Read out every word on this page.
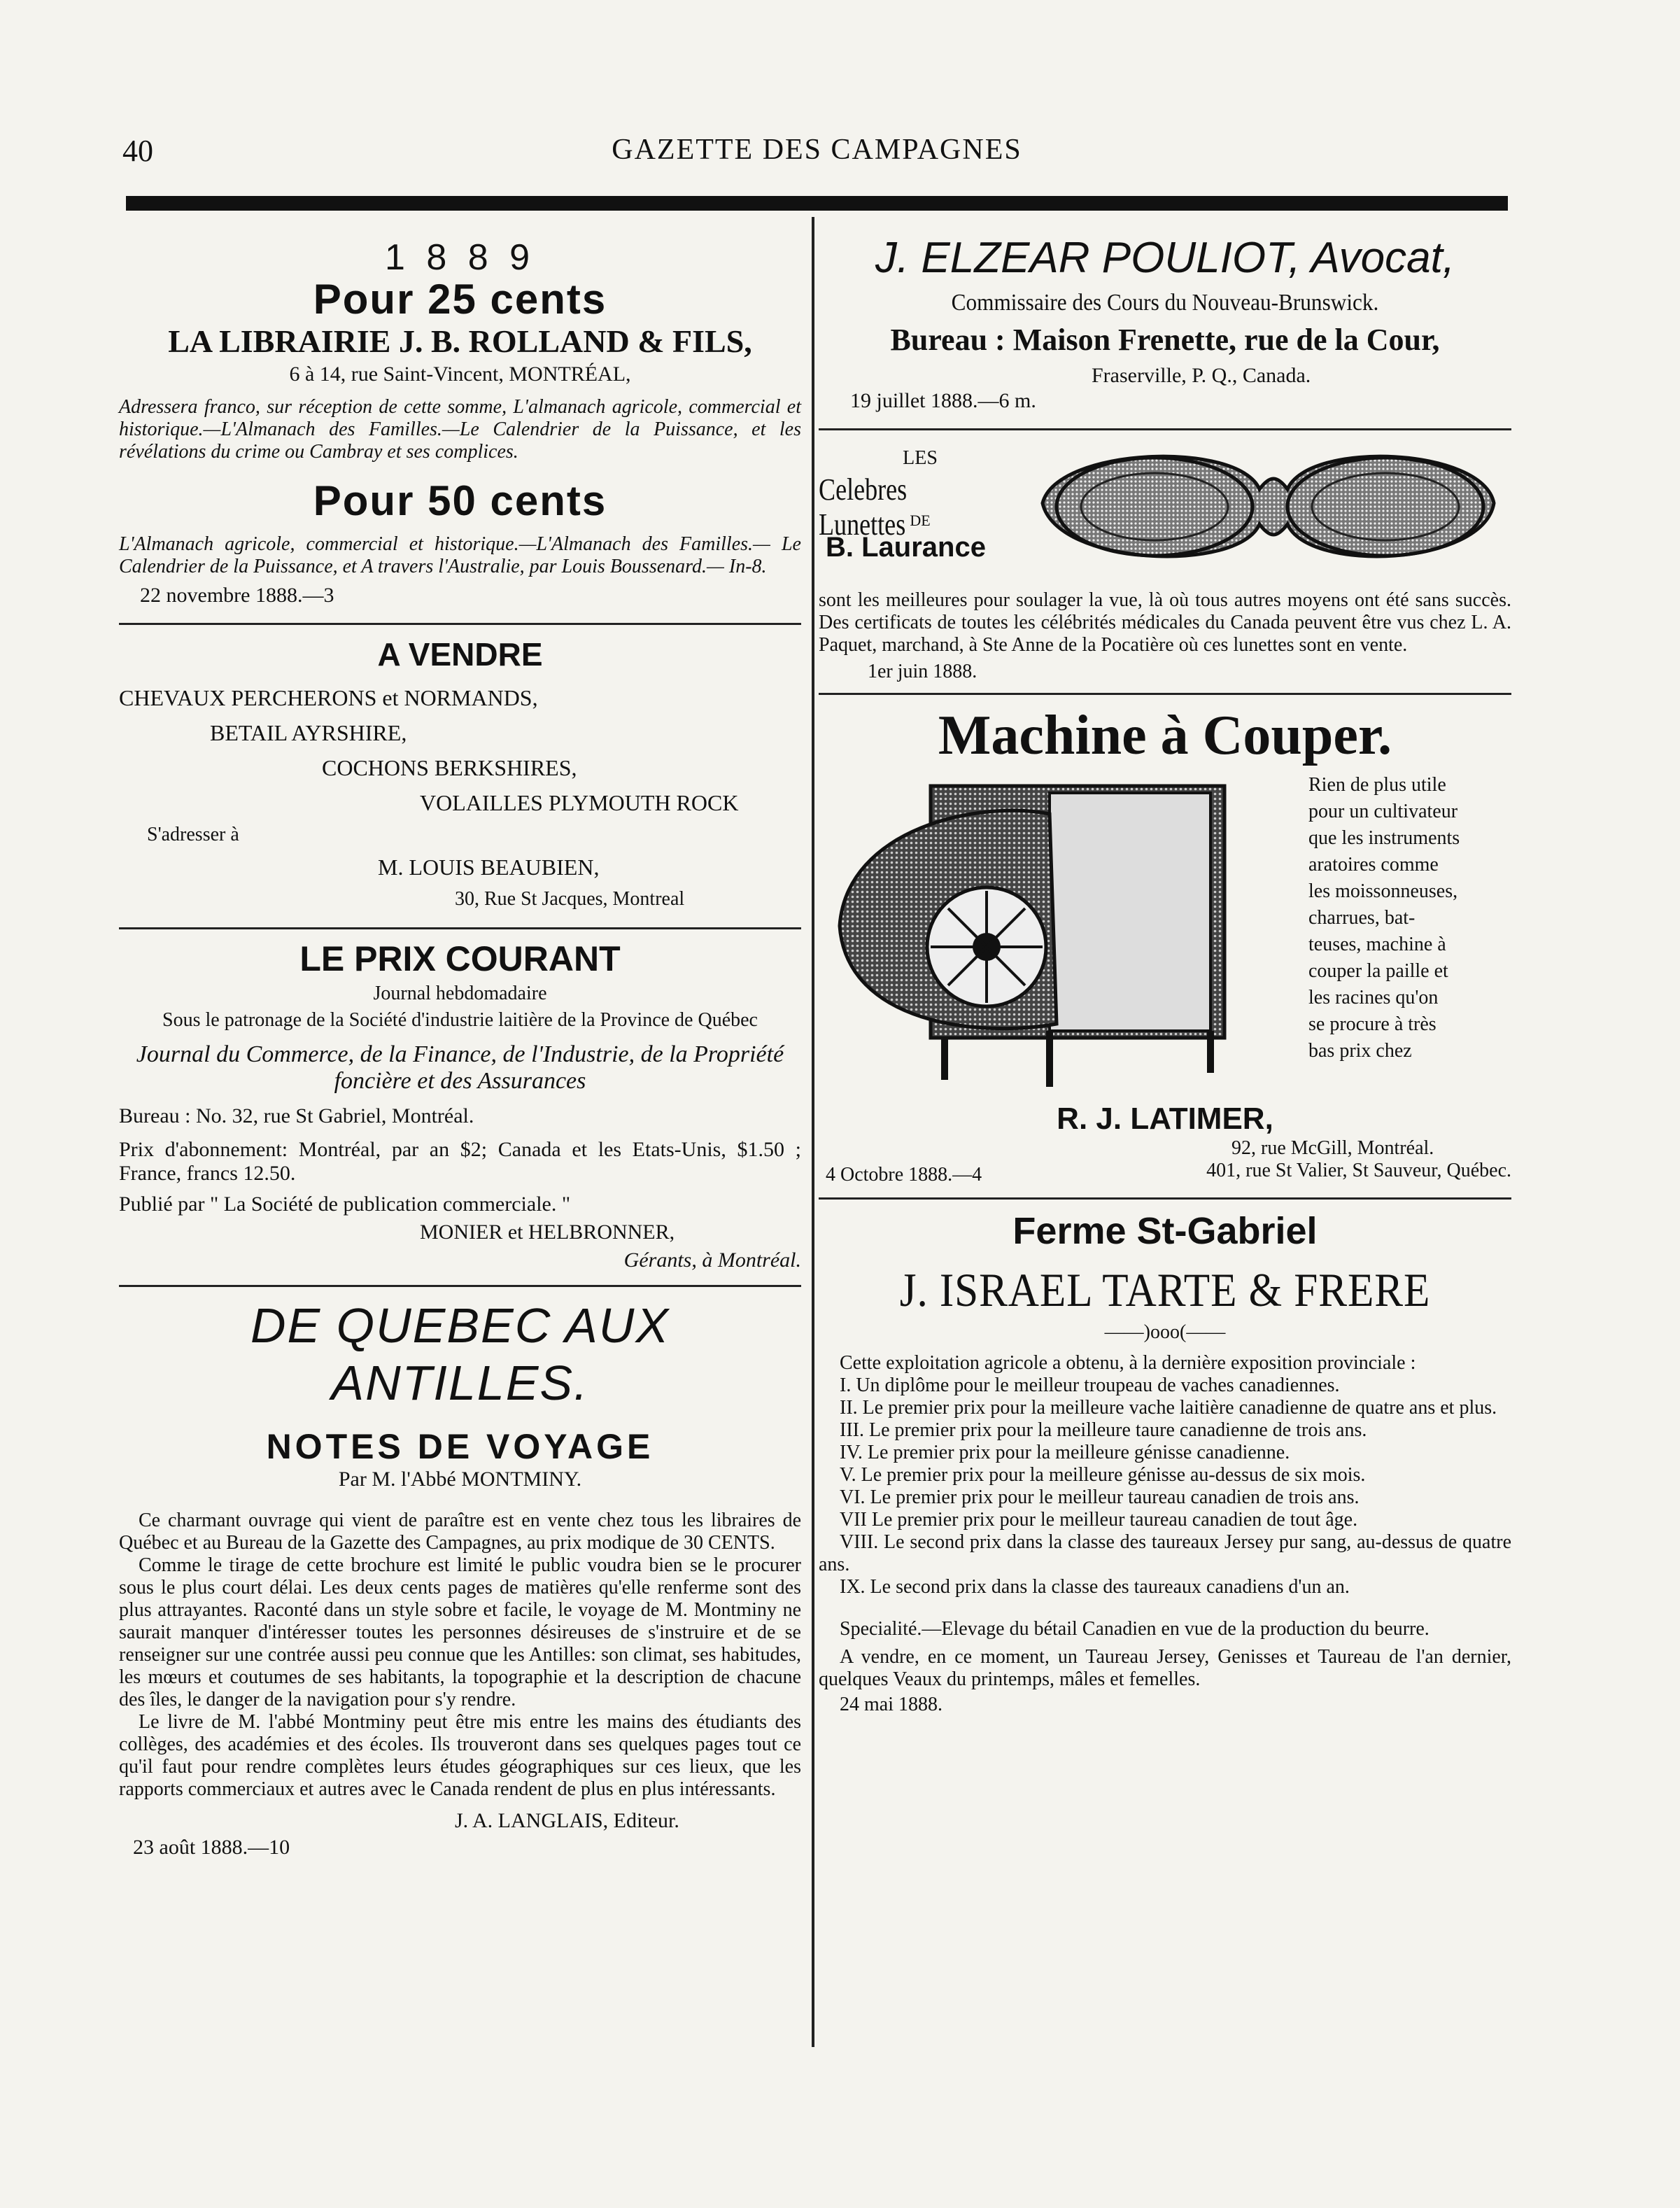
40	GAZETTE DES CAMPAGNES
1 8 8 9
Pour 25 cents
LA LIBRAIRIE J. B. ROLLAND & FILS,
6 à 14, rue Saint-Vincent, MONTRÉAL,

Adressera franco, sur réception de cette somme, L'almanach agricole, commercial et historique.—L'Almanach des Familles.—Le Calendrier de la Puissance, et les révélations du crime ou Cambray et ses complices.

Pour 50 cents

L'Almanach agricole, commercial et historique.—L'Almanach des Familles.— Le Calendrier de la Puissance, et A travers l'Australie, par Louis Boussenard.— In-8.

22 novembre 1888.—3
A VENDRE
CHEVAUX PERCHERONS et NORMANDS,
BETAIL AYRSHIRE,
COCHONS BERKSHIRES,
VOLAILLES PLYMOUTH ROCK
S'adresser à
M. LOUIS BEAUBIEN,
30, Rue St Jacques, Montreal
LE PRIX COURANT
Journal hebdomadaire

Sous le patronage de la Société d'industrie laitière de la Province de Québec

Journal du Commerce, de la Finance, de l'Industrie, de la Propriété foncière et des Assurances

Bureau : No. 32, rue St Gabriel, Montréal.

Prix d'abonnement: Montréal, par an $2; Canada et les Etats-Unis, $1.50 ; France, francs 12.50.

Publié par " La Société de publication commerciale. "
MONIER et HELBRONNER,
Gérants, à Montréal.
DE QUEBEC AUX ANTILLES.
NOTES DE VOYAGE
Par M. l'Abbé MONTMINY.

Ce charmant ouvrage qui vient de paraître est en vente chez tous les libraires de Québec et au Bureau de la Gazette des Campagnes, au prix modique de 30 CENTS.

Comme le tirage de cette brochure est limité le public voudra bien se le procurer sous le plus court délai. Les deux cents pages de matières qu'elle renferme sont des plus attrayantes. Raconté dans un style sobre et facile, le voyage de M. Montminy ne saurait manquer d'intéresser toutes les personnes désireuses de s'instruire et de se renseigner sur une contrée aussi peu connue que les Antilles: son climat, ses habitudes, les mœurs et coutumes de ses habitants, la topographie et la description de chacune des îles, le danger de la navigation pour s'y rendre.

Le livre de M. l'abbé Montminy peut être mis entre les mains des étudiants des collèges, des académies et des écoles. Ils trouveront dans ses quelques pages tout ce qu'il faut pour rendre complètes leurs études géographiques sur ces lieux, que les rapports commerciaux et autres avec le Canada rendent de plus en plus intéressants.

J. A. LANGLAIS, Editeur.
23 août 1888.—10
J. ELZEAR POULIOT, Avocat,
Commissaire des Cours du Nouveau-Brunswick.
Bureau : Maison Frenette, rue de la Cour,
Fraserville, P. Q., Canada.
19 juillet 1888.—6 m.
LES
Celebres Lunettes DE
B. Laurance

sont les meilleures pour soulager la vue, là où tous autres moyens ont été sans succès. Des certificats de toutes les célébrités médicales du Canada peuvent être vus chez L. A. Paquet, marchand, à Ste Anne de la Pocatière où ces lunettes sont en vente.

1er juin 1888.
Machine à Couper.
Rien de plus utile
pour un cultivateur
que les instruments
aratoires comme
les moissonneuses,
charrues, bat-
teuses, machine à
couper la paille et
les racines qu'on
se procure à très
bas prix chez
R. J. LATIMER,
92, rue McGill, Montréal.
4 Octobre 1888.—4	401, rue St Valier, St Sauveur, Québec.
Ferme St-Gabriel
J. ISRAEL TARTE & FRERE
——)ooo(——

Cette exploitation agricole a obtenu, à la dernière exposition provinciale :

I. Un diplôme pour le meilleur troupeau de vaches canadiennes.

II. Le premier prix pour la meilleure vache laitière canadienne de quatre ans et plus.

III. Le premier prix pour la meilleure taure canadienne de trois ans.

IV. Le premier prix pour la meilleure génisse canadienne.

V. Le premier prix pour la meilleure génisse au-dessus de six mois.

VI. Le premier prix pour le meilleur taureau canadien de trois ans.

VII Le premier prix pour le meilleur taureau canadien de tout âge.

VIII. Le second prix dans la classe des taureaux Jersey pur sang, au-dessus de quatre ans.

IX. Le second prix dans la classe des taureaux canadiens d'un an.

Specialité.—Elevage du bétail Canadien en vue de la production du beurre.

A vendre, en ce moment, un Taureau Jersey, Genisses et Taureau de l'an dernier, quelques Veaux du printemps, mâles et femelles.

24 mai 1888.
